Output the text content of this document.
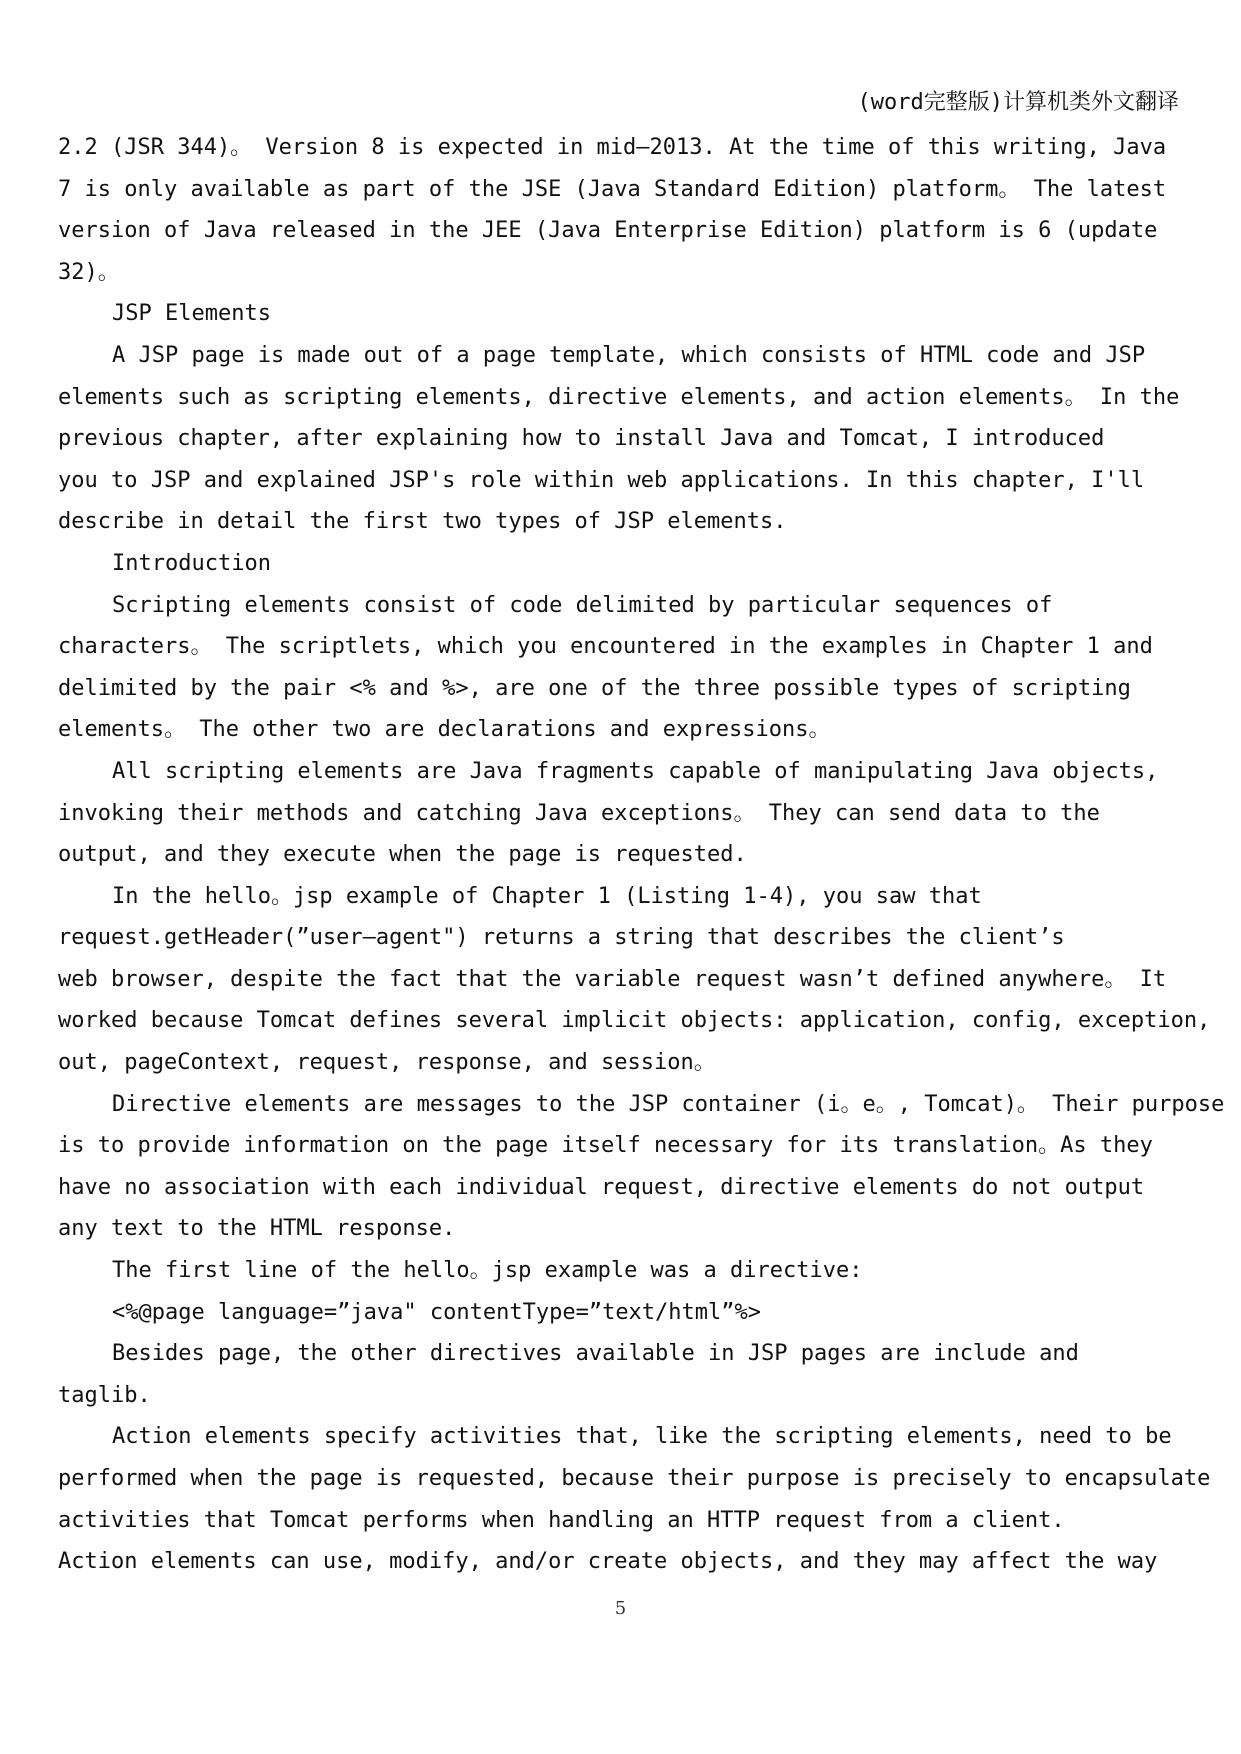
(word完整版)计算机类外文翻译
2.2 (JSR 344)。 Version 8 is expected in mid—2013. At the time of this writing, Java
7 is only available as part of the JSE (Java Standard Edition) platform。 The latest
version of Java released in the JEE (Java Enterprise Edition) platform is 6 (update
32)。
JSP Elements
A JSP page is made out of a page template, which consists of HTML code and JSP
elements such as scripting elements, directive elements, and action elements。 In the
previous chapter, after explaining how to install Java and Tomcat, I introduced
you to JSP and explained JSP's role within web applications. In this chapter, I'll
describe in detail the first two types of JSP elements.
Introduction
Scripting elements consist of code delimited by particular sequences of
characters。 The scriptlets, which you encountered in the examples in Chapter 1 and
delimited by the pair <% and %>, are one of the three possible types of scripting
elements。 The other two are declarations and expressions。
All scripting elements are Java fragments capable of manipulating Java objects,
invoking their methods and catching Java exceptions。 They can send data to the
output, and they execute when the page is requested.
In the hello。jsp example of Chapter 1 (Listing 1-4), you saw that
request.getHeader(”user—agent") returns a string that describes the client’s
web browser, despite the fact that the variable request wasn’t defined anywhere。 It
worked because Tomcat defines several implicit objects: application, config, exception,
out, pageContext, request, response, and session。
Directive elements are messages to the JSP container (i。e。, Tomcat)。 Their purpose
is to provide information on the page itself necessary for its translation。As they
have no association with each individual request, directive elements do not output
any text to the HTML response.
The first line of the hello。jsp example was a directive:
<%@page language=”java" contentType=”text/html”%>
Besides page, the other directives available in JSP pages are include and
taglib.
Action elements specify activities that, like the scripting elements, need to be
performed when the page is requested, because their purpose is precisely to encapsulate
activities that Tomcat performs when handling an HTTP request from a client.
Action elements can use, modify, and/or create objects, and they may affect the way
5
